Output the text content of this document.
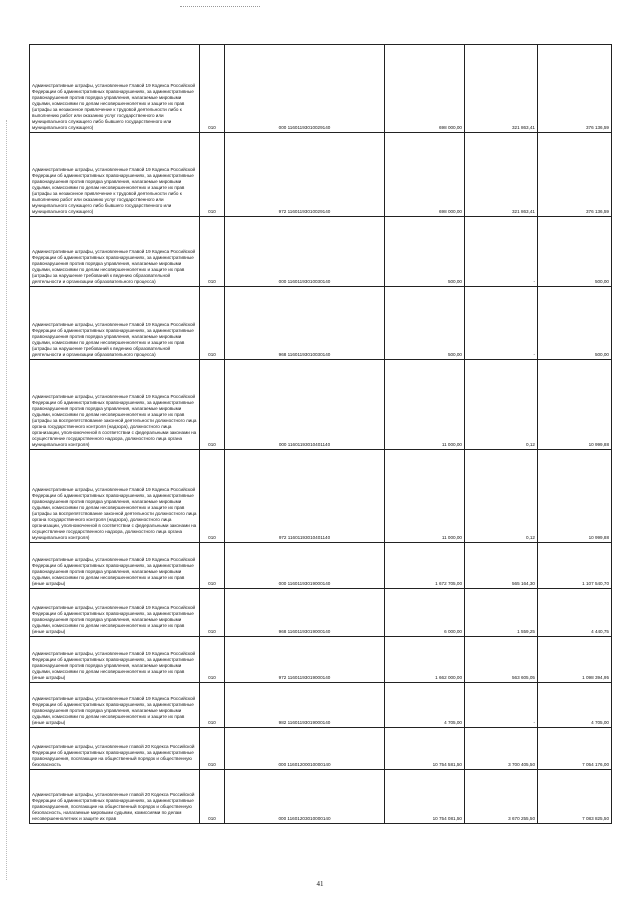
Административные штрафы, установленные Главой 19 Кодекса Российской Федерации об административных правонарушениях, за административные правонарушения против порядка управления, налагаемые мировыми судьями, комиссиями по делам несовершеннолетних и защите их прав (штрафы за незаконное привлечение к трудовой деятельности либо к выполнению работ или оказанию услуг государственного или муниципального служащего либо бывшего государственного или муниципального служащего)	010	000 11601193010029140	698 000,00	321 863,41	376 136,59
Административные штрафы, установленные Главой 19 Кодекса Российской Федерации об административных правонарушениях, за административные правонарушения против порядка управления, налагаемые мировыми судьями, комиссиями по делам несовершеннолетних и защите их прав (штрафы за незаконное привлечение к трудовой деятельности либо к выполнению работ или оказанию услуг государственного или муниципального служащего либо бывшего государственного или муниципального служащего)	010	972 11601193010029140	698 000,00	321 863,41	376 136,59
Административные штрафы, установленные Главой 19 Кодекса Российской Федерации об административных правонарушениях, за административные правонарушения против порядка управления, налагаемые мировыми судьями, комиссиями по делам несовершеннолетних и защите их прав (штрафы за нарушение требований к ведению образовательной деятельности и организации образовательного процесса)	010	000 11601193010030140	500,00	-	500,00
Административные штрафы, установленные Главой 19 Кодекса Российской Федерации об административных правонарушениях, за административные правонарушения против порядка управления, налагаемые мировыми судьями, комиссиями по делам несовершеннолетних и защите их прав (штрафы за нарушение требований к ведению образовательной деятельности и организации образовательного процесса)	010	968 11601193010030140	500,00	-	500,00
Административные штрафы, установленные Главой 19 Кодекса Российской Федерации об административных правонарушениях, за административные правонарушения против порядка управления, налагаемые мировыми судьями, комиссиями по делам несовершеннолетних и защите их прав (штрафы за воспрепятствование законной деятельности должностного лица органа государственного контроля (надзора), должностного лица организации, уполномоченной в соответствии с федеральными законами на осуществление государственного надзора, должностного лица органа муниципального контроля)	010	000 11601193010401140	11 000,00	0,12	10 999,88
Административные штрафы, установленные Главой 19 Кодекса Российской Федерации об административных правонарушениях, за административные правонарушения против порядка управления, налагаемые мировыми судьями, комиссиями по делам несовершеннолетних и защите их прав (штрафы за воспрепятствование законной деятельности должностного лица органа государственного контроля (надзора), должностного лица организации, уполномоченной в соответствии с федеральными законами на осуществление государственного надзора, должностного лица органа муниципального контроля)	010	972 11601193010401140	11 000,00	0,12	10 999,88
Административные штрафы, установленные Главой 19 Кодекса Российской Федерации об административных правонарушениях, за административные правонарушения против порядка управления, налагаемые мировыми судьями, комиссиями по делам несовершеннолетних и защите их прав (иные штрафы)	010	000 11601193019000140	1 672 705,00	565 164,30	1 107 540,70
Административные штрафы, установленные Главой 19 Кодекса Российской Федерации об административных правонарушениях, за административные правонарушения против порядка управления, налагаемые мировыми судьями, комиссиями по делам несовершеннолетних и защите их прав (иные штрафы)	010	968 11601193019000140	6 000,00	1 559,25	4 440,75
Административные штрафы, установленные Главой 19 Кодекса Российской Федерации об административных правонарушениях, за административные правонарушения против порядка управления, налагаемые мировыми судьями, комиссиями по делам несовершеннолетних и защите их прав (иные штрафы)	010	972 11601193019000140	1 662 000,00	563 605,05	1 098 394,95
Административные штрафы, установленные Главой 19 Кодекса Российской Федерации об административных правонарушениях, за административные правонарушения против порядка управления, налагаемые мировыми судьями, комиссиями по делам несовершеннолетних и защите их прав (иные штрафы)	010	982 11601193019000140	4 705,00	-	4 705,00
Административные штрафы, установленные главой 20 Кодекса Российской Федерации об административных правонарушениях, за административные правонарушения, посягающие на общественный порядок и общественную безопасность	010	000 11601200010000140	10 754 581,50	3 700 405,50	7 054 176,00
Административные штрафы, установленные главой 20 Кодекса Российской Федерации об административных правонарушениях, за административные правонарушения, посягающие на общественный порядок и общественную безопасность, налагаемые мировыми судьями, комиссиями по делам несовершеннолетних и защите их прав	010	000 11601203010000140	10 754 081,50	3 670 255,50	7 083 825,50
41
